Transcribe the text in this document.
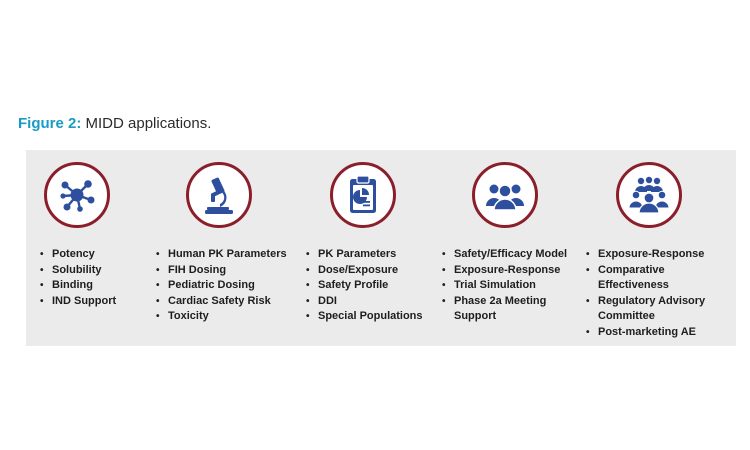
Figure 2: MIDD applications.
• Potency
• Solubility
• Binding
• IND Support
• Human PK Parameters
• FIH Dosing
• Pediatric Dosing
• Cardiac Safety Risk
• Toxicity
• PK Parameters
• Dose/Exposure
• Safety Profile
• DDI
• Special Populations
• Safety/Efficacy Model
• Exposure-Response
• Trial Simulation
• Phase 2a Meeting Support
• Exposure-Response
• Comparative Effectiveness
• Regulatory Advisory Committee
• Post-marketing AE
